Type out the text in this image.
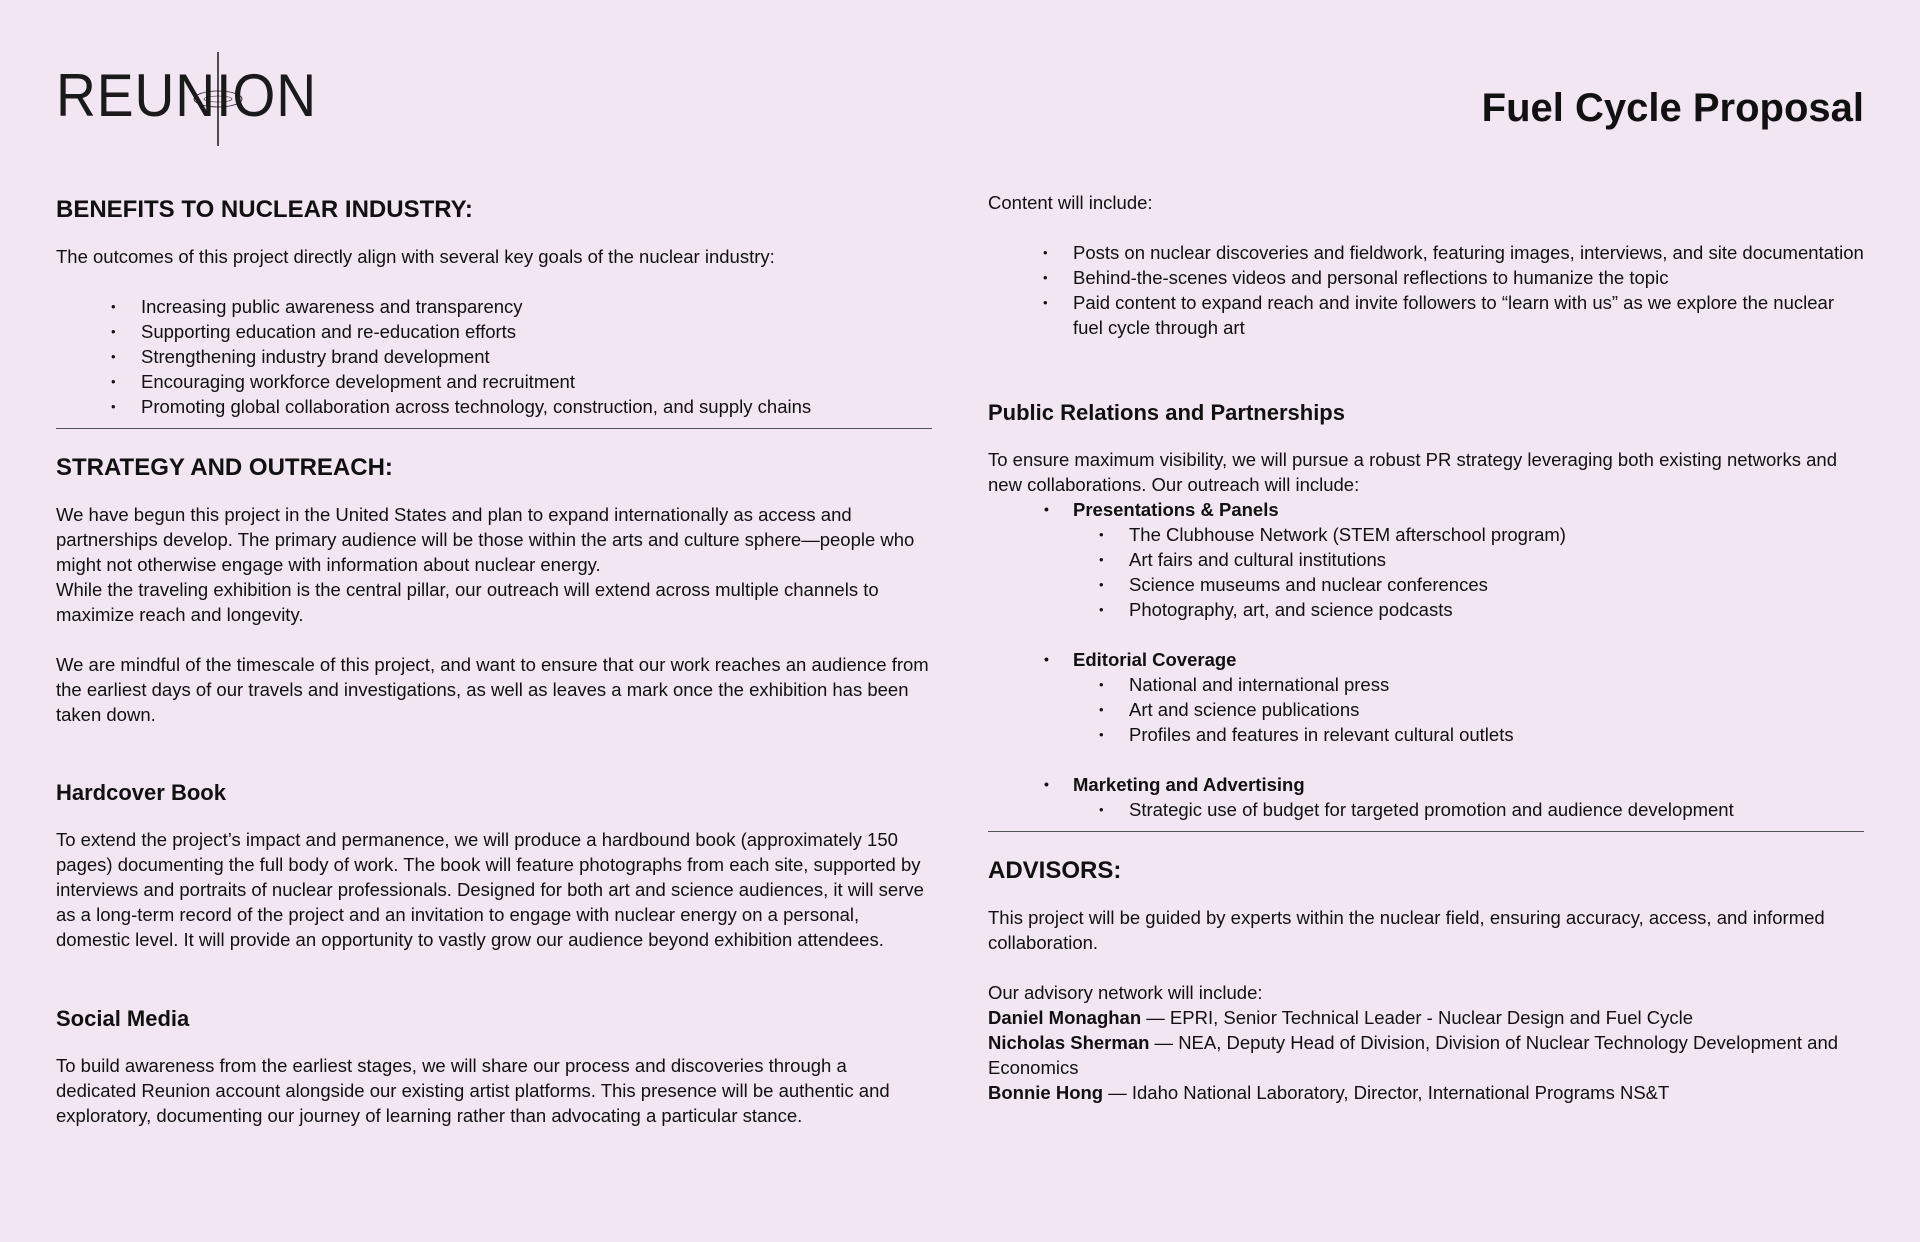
REUNION	Fuel Cycle Proposal
BENEFITS TO NUCLEAR INDUSTRY:

The outcomes of this project directly align with several key goals of the nuclear industry:

• Increasing public awareness and transparency
• Supporting education and re-education efforts
• Strengthening industry brand development
• Encouraging workforce development and recruitment
• Promoting global collaboration across technology, construction, and supply chains
STRATEGY AND OUTREACH:

We have begun this project in the United States and plan to expand internationally as access and partnerships develop. The primary audience will be those within the arts and culture sphere—people who might not otherwise engage with information about nuclear energy.

While the traveling exhibition is the central pillar, our outreach will extend across multiple channels to maximize reach and longevity.

We are mindful of the timescale of this project, and want to ensure that our work reaches an audience from the earliest days of our travels and investigations, as well as leaves a mark once the exhibition has been taken down.

Hardcover Book

To extend the project’s impact and permanence, we will produce a hardbound book (approximately 150 pages) documenting the full body of work. The book will feature photographs from each site, supported by interviews and portraits of nuclear professionals. Designed for both art and science audiences, it will serve as a long-term record of the project and an invitation to engage with nuclear energy on a personal, domestic level. It will provide an opportunity to vastly grow our audience beyond exhibition attendees.

Social Media

To build awareness from the earliest stages, we will share our process and discoveries through a dedicated Reunion account alongside our existing artist platforms. This presence will be authentic and exploratory, documenting our journey of learning rather than advocating a particular stance.

Content will include:

• Posts on nuclear discoveries and fieldwork, featuring images, interviews, and site documentation
• Behind-the-scenes videos and personal reflections to humanize the topic
• Paid content to expand reach and invite followers to “learn with us” as we explore the nuclear fuel cycle through art
Public Relations and Partnerships

To ensure maximum visibility, we will pursue a robust PR strategy leveraging both existing networks and new collaborations. Our outreach will include:

• Presentations & Panels
• The Clubhouse Network (STEM afterschool program)
• Art fairs and cultural institutions
• Science museums and nuclear conferences
• Photography, art, and science podcasts
• Editorial Coverage
• National and international press
• Art and science publications
• Profiles and features in relevant cultural outlets
• Marketing and Advertising
• Strategic use of budget for targeted promotion and audience development
ADVISORS:

This project will be guided by experts within the nuclear field, ensuring accuracy, access, and informed collaboration.

Our advisory network will include:

Daniel Monaghan — EPRI, Senior Technical Leader - Nuclear Design and Fuel Cycle

Nicholas Sherman — NEA, Deputy Head of Division, Division of Nuclear Technology Development and Economics

Bonnie Hong — Idaho National Laboratory, Director, International Programs NS&T
